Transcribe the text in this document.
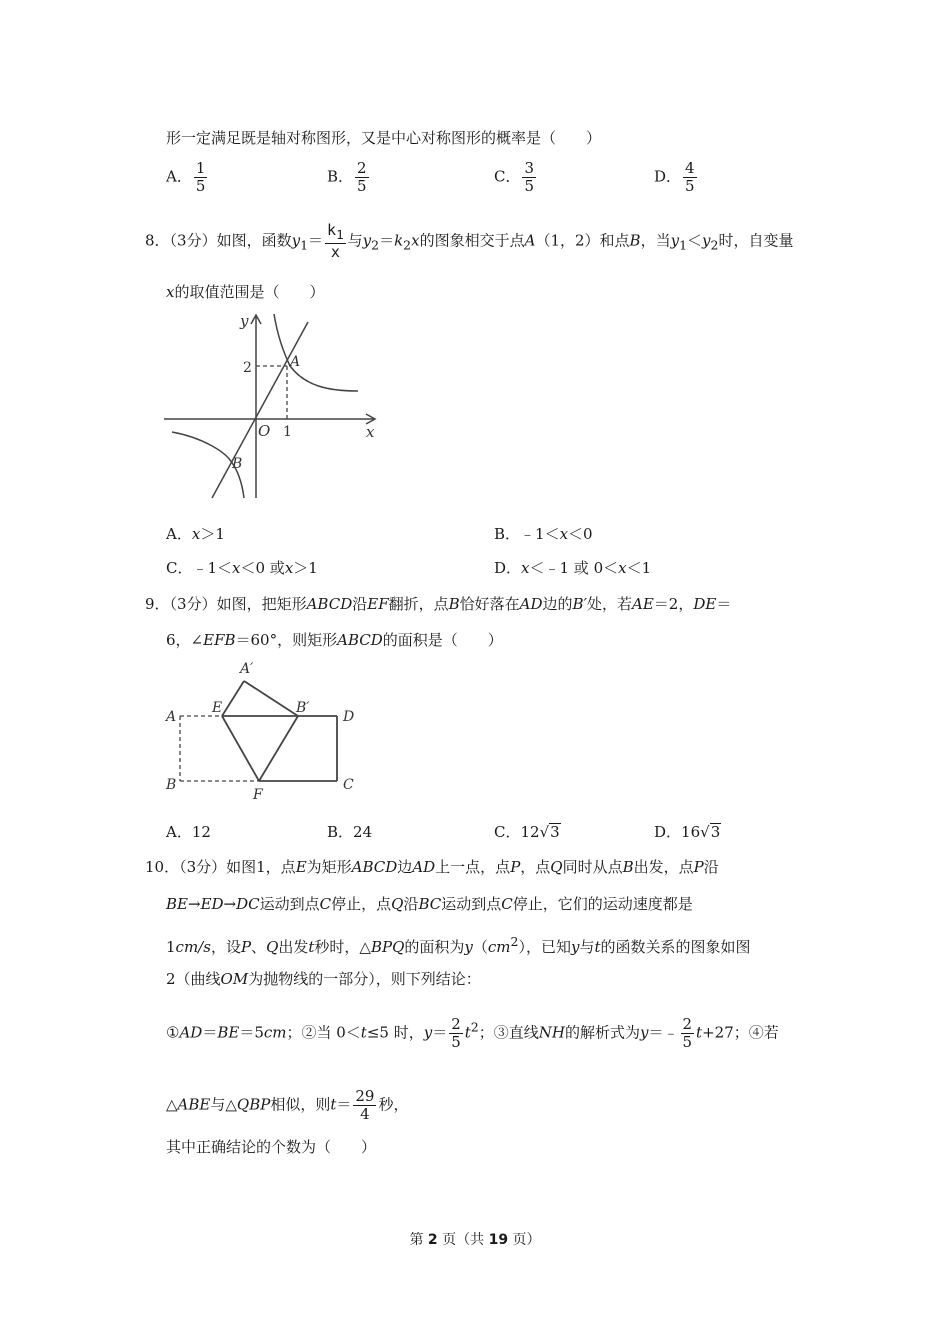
形一定满足既是轴对称图形，又是中心对称图形的概率是（　　）
A． $\frac{1}{5}$	B． $\frac{2}{5}$	C． $\frac{3}{5}$	D． $\frac{4}{5}$
8．（3分）如图，函数$y_1= \frac{k_1}{x}$ 与$y_2=k_2x$的图象相交于点A（1，2）和点B，当$y_1<y_2$时，自变量
x的取值范围是（　　）
y
x
O
A
B
2
1
A．x＞1	B．﹣1＜x＜0
C．﹣1＜x＜0 或x＞1	D．x＜﹣1 或 0＜x＜1
9．（3分）如图，把矩形ABCD沿EF翻折，点B恰好落在AD边的B′处，若AE＝2，DE＝
6，∠EFB＝60°，则矩形ABCD的面积是（　　）
A
A′
E	B′
D
B
F
C
A．12	B．24	C．12√3	D．16√3
10．（3分）如图1，点E为矩形ABCD边AD上一点，点P，点Q同时从点B出发，点P沿
BE→ED→DC运动到点C停止，点Q沿BC运动到点C停止，它们的运动速度都是
1cm/s，设P、Q出发t秒时，△BPQ的面积为$y(cm^2)$，已知y与t的函数关系的图象如图
2（曲线OM为抛物线的一部分），则下列结论：
①AD＝BE＝5cm；②当 0＜t≤5 时，$y= \frac{2}{5} t^2$；③直线NH的解析式为y＝﹣ $\frac{2}{5} t+27$；④若
△ABE与△QBP相似，则$t= \frac{29}{4}$ 秒，
其中正确结论的个数为（　　）
第 2 页（共 19 页）
